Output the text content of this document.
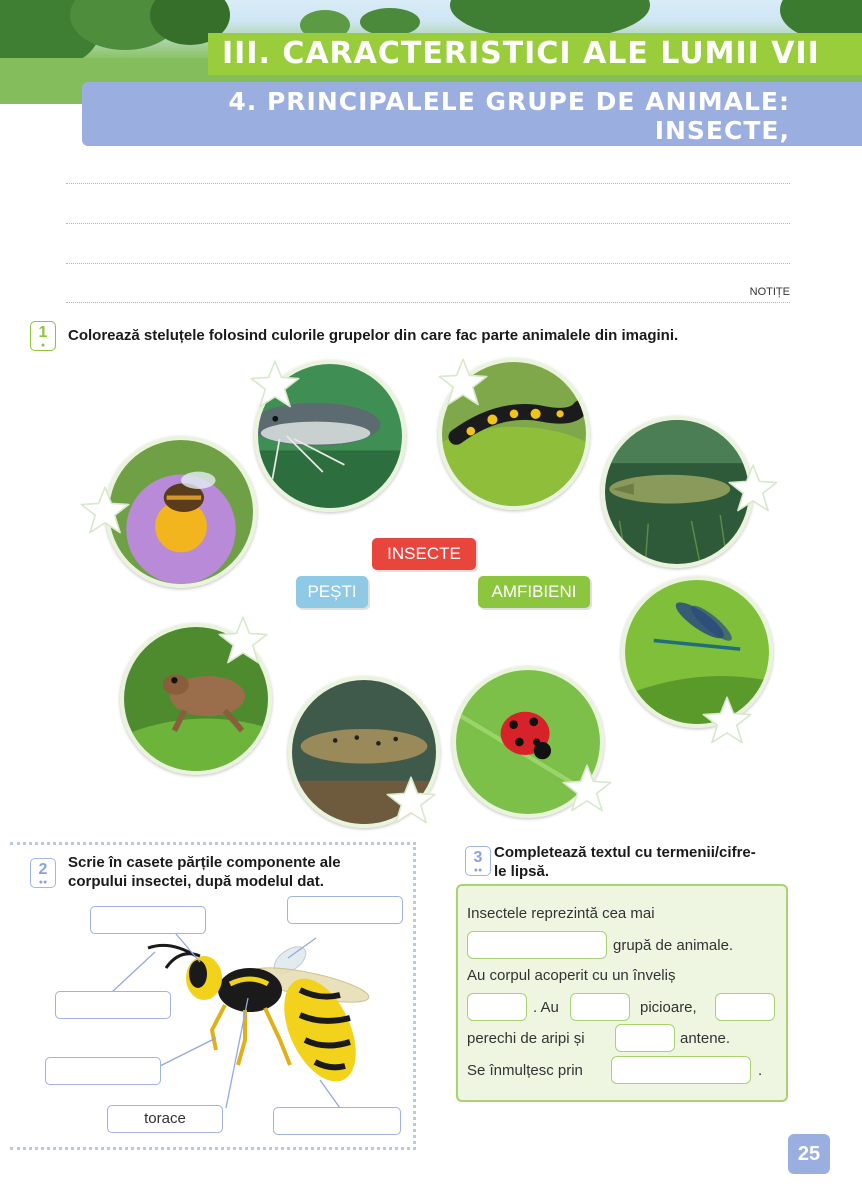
III. CARACTERISTICI ALE LUMII VII
4. PRINCIPALELE GRUPE DE ANIMALE: INSECTE,
PEȘTI, AMFIBIENI
NOTIȚE
1
●
Colorează steluțele folosind culorile grupelor din care fac parte animalele din imagini.
INSECTE
PEȘTI	AMFIBIENI
2
●●
Scrie în casete părțile componente ale
corpului insectei, după modelul dat.
torace
3
●●
Completează textul cu termenii/cifre-
le lipsă.
Insectele reprezintă cea mai
grupă de animale.
Au corpul acoperit cu un înveliș
. Au	picioare,
perechi de aripi și	antene.
Se înmulțesc prin	.
25
